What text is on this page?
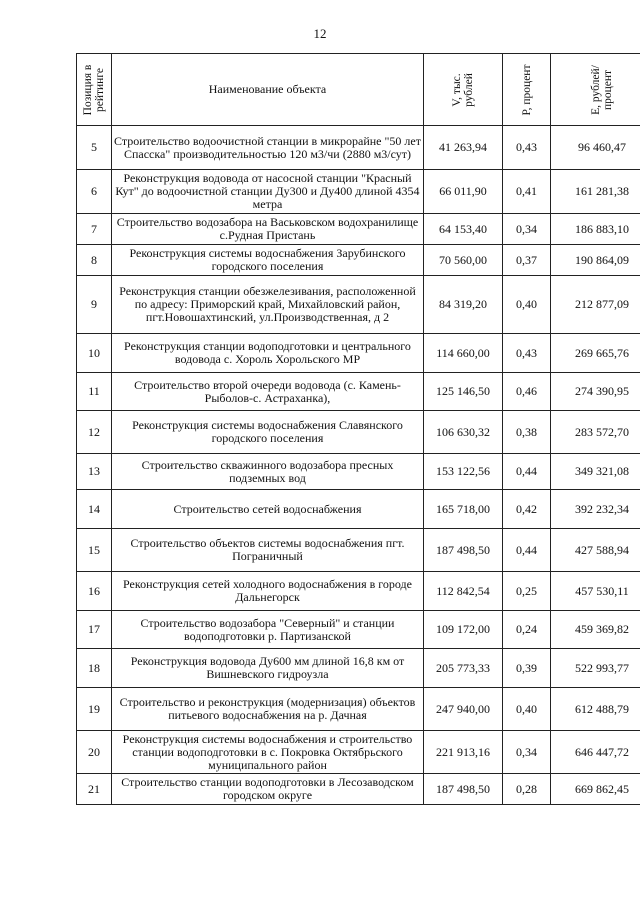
12
Позиция в рейтинге	Наименование объекта	V, тыс. рублей	P, процент	E, рублей/ процент

5	Строительство водоочистной станции в микрорайне "50 лет Спасска" производительностью 120 м3/чи (2880 м3/сут)	41 263,94	0,43	96 460,47
6	Реконструкция водовода от насосной станции "Красный Кут" до водоочистной станции Ду300 и Ду400 длиной 4354 метра	66 011,90	0,41	161 281,38
7	Строительство водозабора на Васьковском водохранилище с.Рудная Пристань	64 153,40	0,34	186 883,10
8	Реконструкция системы водоснабжения Зарубинского городского поселения	70 560,00	0,37	190 864,09
9	Реконструкция станции обезжелезивания, расположенной по адресу: Приморский край, Михайловский район, пгт.Новошахтинский, ул.Производственная, д 2	84 319,20	0,40	212 877,09
10	Реконструкция станции водоподготовки и центрального водовода с. Хороль Хорольского МР	114 660,00	0,43	269 665,76
11	Строительство второй очереди водовода (с. Камень-Рыболов-с. Астраханка),	125 146,50	0,46	274 390,95
12	Реконструкция системы водоснабжения Славянского городского поселения	106 630,32	0,38	283 572,70
13	Строительство скважинного водозабора пресных подземных вод	153 122,56	0,44	349 321,08
14	Строительство сетей водоснабжения	165 718,00	0,42	392 232,34
15	Строительство объектов системы водоснабжения пгт. Пограничный	187 498,50	0,44	427 588,94
16	Реконструкция сетей холодного водоснабжения в городе Дальнегорск	112 842,54	0,25	457 530,11
17	Строительство водозабора "Северный" и станции водоподготовки р. Партизанской	109 172,00	0,24	459 369,82
18	Реконструкция водовода Ду600 мм длиной 16,8 км от Вишневского гидроузла	205 773,33	0,39	522 993,77
19	Строительство и реконструкция (модернизация) объектов питьевого водоснабжения на р. Дачная	247 940,00	0,40	612 488,79
20	Реконструкция системы водоснабжения и строительство станции водоподготовки в с. Покровка Октябрьского муниципального район	221 913,16	0,34	646 447,72
21	Строительство станции водоподготовки в Лесозаводском городском округе	187 498,50	0,28	669 862,45
